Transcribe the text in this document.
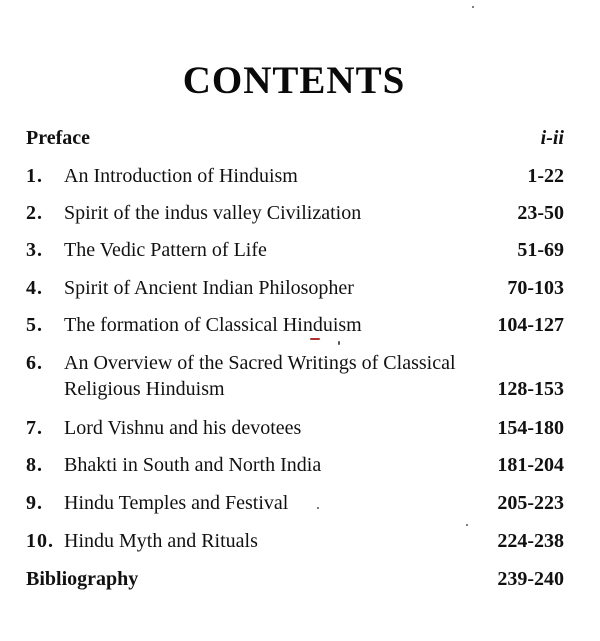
CONTENTS
Preface	i-ii
1. An Introduction of Hinduism	1-22
2. Spirit of the indus valley Civilization	23-50
3. The Vedic Pattern of Life	51-69
4. Spirit of Ancient Indian Philosopher	70-103
5. The formation of Classical Hinduism	104-127
6. An Overview of the Sacred Writings of Classical Religious Hinduism	128-153
7. Lord Vishnu and his devotees	154-180
8. Bhakti in South and North India	181-204
9. Hindu Temples and Festival	205-223
10. Hindu Myth and Rituals	224-238
Bibliography	239-240
